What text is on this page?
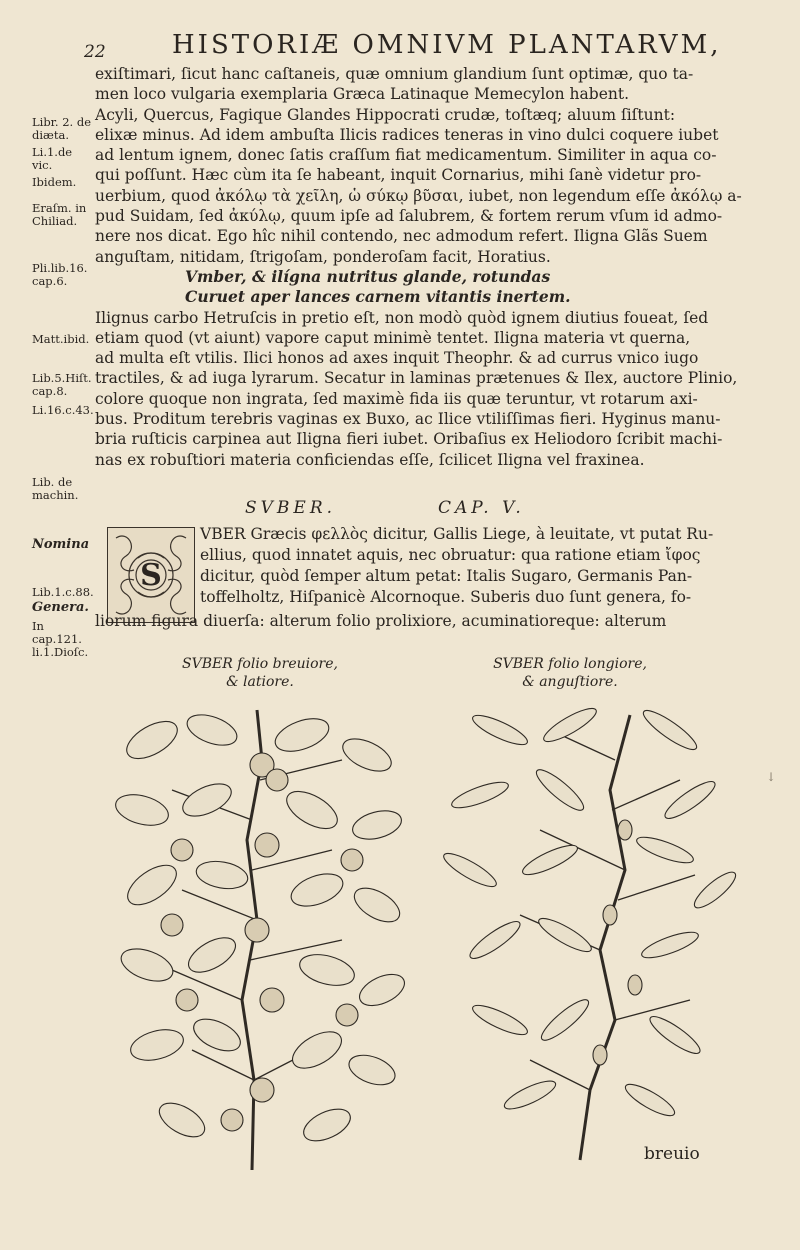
22	HISTORIÆ OMNIVM PLANTARVM,
exiſtimari, ſicut hanc caſtaneis, quæ omnium glandium ſunt optimæ, quo ta-
men loco vulgaria exemplaria Græca Latinaque Memecylon habent.
Acyli, Quercus, Fagique Glandes Hippocrati crudæ, toſtæq; aluum ſiſtunt:
elixæ minus. Ad idem ambuſta Ilicis radices teneras in vino dulci coquere iubet
ad lentum ignem, donec ſatis craſſum fiat medicamentum. Similiter in aqua co-
qui poſſunt. Hæc cùm ita ſe habeant, inquit Cornarius, mihi ſanè videtur pro-
uerbium, quod ἀκόλῳ τὰ χεῖλη, ὡ σύκῳ βῦσαι, iubet, non legendum eſſe ἀκόλῳ a-
pud Suidam, ſed ἀκύλῳ, quum ipſe ad ſalubrem, & fortem rerum vſum id admo-
nere nos dicat. Ego hîc nihil contendo, nec admodum refert. Iligna Glãs Suem
anguſtam, nitidam, ſtrigoſam, ponderoſam facit, Horatius.
Vmber, & ilígna nutritus glande, rotundas
Curuet aper lances carnem vitantis inertem.
Ilignus carbo Hetruſcis in pretio eſt, non modò quòd ignem diutius foueat, ſed
etiam quod (vt aiunt) vapore caput minimè tentet. Iligna materia vt querna,
ad multa eſt vtilis. Ilici honos ad axes inquit Theophr. & ad currus vnico iugo
tractiles, & ad iuga lyrarum. Secatur in laminas prætenues & Ilex, auctore Plinio,
colore quoque non ingrata, ſed maximè fida iis quæ teruntur, vt rotarum axi-
bus. Proditum terebris vaginas ex Buxo, ac Ilice vtiliſſimas fieri. Hyginus manu-
bria ruſticis carpinea aut Iligna fieri iubet. Oribaſius ex Heliodoro ſcribit machi-
nas ex robuſtiori materia conficiendas eſſe, ſcilicet Iligna vel fraxinea.
Libr. 2. de diæta.
Li.1.de vic.
Ibidem.
Eraſm. in Chiliad.
Pli.lib.16. cap.6.
Matt.ibid.
Lib.5.Hiſt. cap.8.
Li.16.c.43.
Lib. de machin.
Nomina
Lib.1.c.88.
Genera.
In cap.121. li.1.Dioſc.
SVBER.	CAP. V.
S
VBER Græcis φελλὸς dicitur, Gallis Liege, à leuitate, vt putat Ru-
ellius, quod innatet aquis, nec obruatur: qua ratione etiam ἴφος
dicitur, quòd ſemper altum petat: Italis Sugaro, Germanis Pan-
toffelholtz, Hiſpanicè Alcornoque. Suberis duo ſunt genera, fo-
liorum figura diuerſa: alterum folio prolixiore, acuminatioreque: alterum
SVBER folio breuiore,
& latiore.
SVBER folio longiore,
& anguſtiore.
↓
breuio
